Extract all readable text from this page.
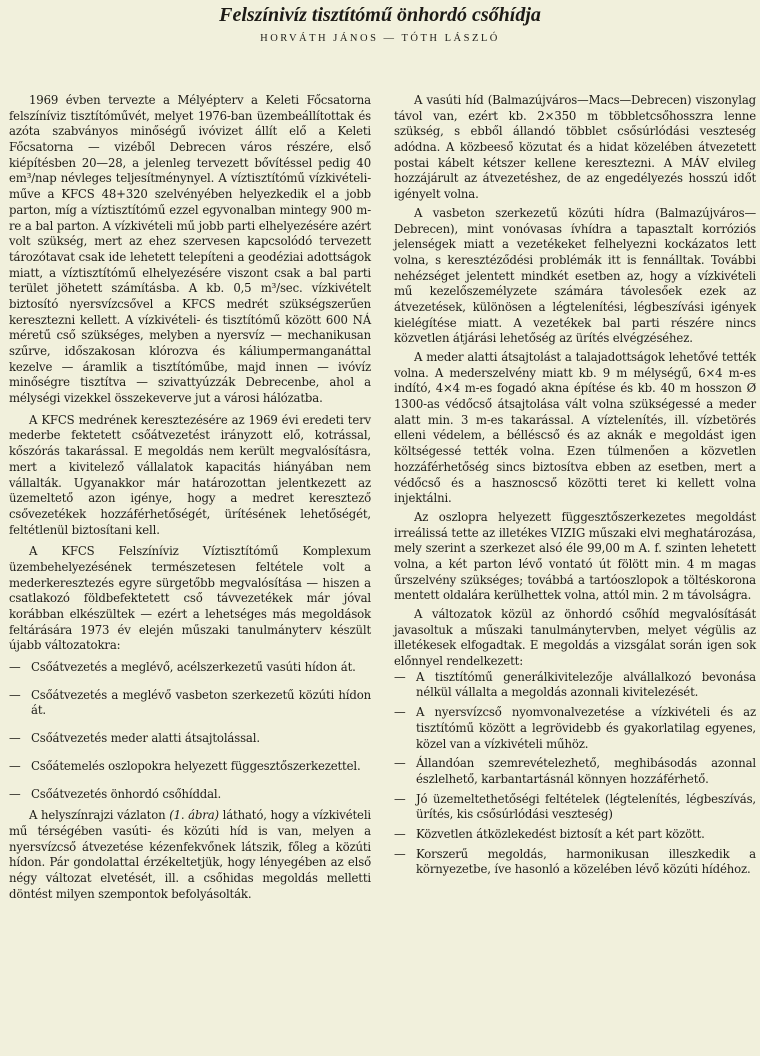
Felszínivíz tisztítómű önhordó csőhídja

HORVÁTH JÁNOS — TÓTH LÁSZLÓ

1969 évben tervezte a Mélyépterv a Keleti Főcsatorna felszíníviz tisztítóművét, melyet 1976-ban üzembeállítottak és azóta szabványos minőségű ivóvizet állít elő a Keleti Főcsatorna — vizéből Debrecen város részére, első kiépítésben 20—28, a jelenleg tervezett bővítéssel pedig 40 em³/nap névleges teljesítménynyel. A víztisztítómű vízkivételi-műve a KFCS 48+320 szelvényében helyezkedik el a jobb parton, míg a víztisztítómű ezzel egyvonalban mintegy 900 m-re a bal parton. A vízkivételi mű jobb parti elhelyezésére azért volt szükség, mert az ehez szervesen kapcsolódó tervezett tározótavat csak ide lehetett telepíteni a geodéziai adottságok miatt, a víztisztítómű elhelyezésére viszont csak a bal parti terület jöhetett számításba. A kb. 0,5 m³/sec. vízkivételt biztosító nyersvízcsővel a KFCS medrét szükségszerűen keresztezni kellett. A vízkivételi- és tisztítómű között 600 NÁ méretű cső szükséges, melyben a nyersvíz — mechanikusan szűrve, időszakosan klórozva és káliumpermanganáttal kezelve — áramlik a tisztítóműbe, majd innen — ivóvíz minőségre tisztítva — szivattyúzzák Debrecenbe, ahol a mélységi vizekkel összekeverve jut a városi hálózatba.

A KFCS medrének keresztezésére az 1969 évi eredeti terv mederbe fektetett csőátvezetést irányzott elő, kotrással, kőszórás takarással. E megoldás nem került megvalósításra, mert a kivitelező vállalatok kapacitás hiányában nem vállalták. Ugyanakkor már határozottan jelentkezett az üzemeltető azon igénye, hogy a medret keresztező csővezetékek hozzáférhetőségét, ürítésének lehetőségét, feltétlenül biztosítani kell.

A KFCS Felszíníviz Víztisztítómű Komplexum üzembehelyezésének természetesen feltétele volt a mederkeresztezés egyre sürgetőbb megvalósítása — hiszen a csatlakozó földbefektetett cső távvezetékek már jóval korábban elkészültek — ezért a lehetséges más megoldások feltárására 1973 év elején műszaki tanulmányterv készült újabb változatokra:

— Csőátvezetés a meglévő, acélszerkezetű vasúti hídon át.
— Csőátvezetés a meglévő vasbeton szerkezetű közúti hídon át.
— Csőátvezetés meder alatti átsajtolással.
— Csőátemelés oszlopokra helyezett függesztőszerkezettel.
— Csőátvezetés önhordó csőhíddal.

A helyszínrajzi vázlaton (1. ábra) látható, hogy a vízkivételi mű térségében vasúti- és közúti híd is van, melyen a nyersvízcső átvezetése kézenfekvőnek látszik, főleg a közúti hídon. Pár gondolattal érzékeltetjük, hogy lényegében az első négy változat elvetését, ill. a csőhidas megoldás melletti döntést milyen szempontok befolyásolták.

A vasúti híd (Balmazújváros—Macs—Debrecen) viszonylag távol van, ezért kb. 2×350 m többletcsőhosszra lenne szükség, s ebből állandó többlet csősúrlódási veszteség adódna. A közbeeső közutat és a hidat közelében átvezetett postai kábelt kétszer kellene keresztezni. A MÁV elvileg hozzájárult az átvezetéshez, de az engedélyezés hosszú időt igényelt volna.

A vasbeton szerkezetű közúti hídra (Balmazújváros—Debrecen), mint vonóvasas ívhídra a tapasztalt korróziós jelenségek miatt a vezetékeket felhelyezni kockázatos lett volna, s keresztéződési problémák itt is fennálltak. További nehézséget jelentett mindkét esetben az, hogy a vízkivételi mű kezelőszemélyzete számára távolesőek ezek az átvezetések, különösen a légtelenítési, légbeszívási igények kielégítése miatt. A vezetékek bal parti részére nincs közvetlen átjárási lehetőség az ürítés elvégzéséhez.

A meder alatti átsajtolást a talajadottságok lehetővé tették volna. A mederszelvény miatt kb. 9 m mélységű, 6×4 m-es indító, 4×4 m-es fogadó akna építése és kb. 40 m hosszon Ø 1300-as védőcső átsajtolása vált volna szükségessé a meder alatt min. 3 m-es takarással. A víztelenítés, ill. vízbetörés elleni védelem, a bélléscső és az aknák e megoldást igen költségessé tették volna. Ezen túlmenően a közvetlen hozzáférhetőség sincs biztosítva ebben az esetben, mert a védőcső és a hasznoscső közötti teret ki kellett volna injektálni.

Az oszlopra helyezett függesztőszerkezetes megoldást irreálissá tette az illetékes VIZIG műszaki elvi meghatározása, mely szerint a szerkezet alsó éle 99,00 m A. f. szinten lehetett volna, a két parton lévő vontató út fölött min. 4 m magas űrszelvény szükséges; továbbá a tartóoszlopok a töltéskorona mentett oldalára kerülhettek volna, attól min. 2 m távolságra.

A változatok közül az önhordó csőhíd megvalósítását javasoltuk a műszaki tanulmánytervben, melyet végülis az illetékesek elfogadtak. E megoldás a vizsgálat során igen sok előnnyel rendelkezett:

— A tisztítómű generálkivitelezője alvállalkozó bevonása nélkül vállalta a megoldás azonnali kivitelezését.
— A nyersvízcső nyomvonalvezetése a vízkivételi és az tisztítómű között a legrövidebb és gyakorlatilag egyenes, közel van a vízkivételi műhöz.
— Állandóan szemrevételezhető, meghibásodás azonnal észlelhető, karbantartásnál könnyen hozzáférhető.
— Jó üzemeltethetőségi feltételek (légtelenítés, légbeszívás, ürítés, kis csősúrlódási veszteség)
— Közvetlen átközlekedést biztosít a két part között.
— Korszerű megoldás, harmonikusan illeszkedik a környezetbe, íve hasonló a közelében lévő közúti hídéhoz.
